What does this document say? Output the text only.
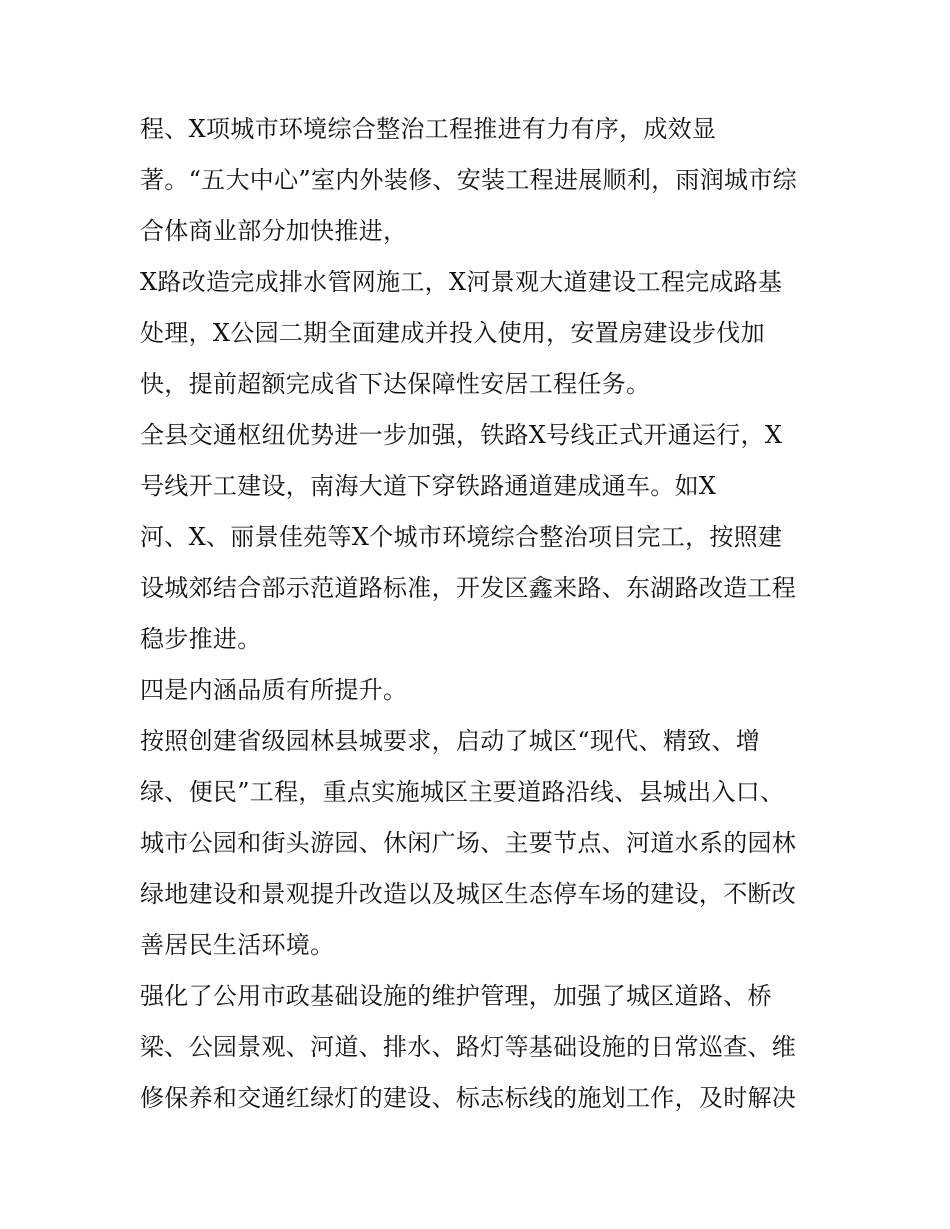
程、X项城市环境综合整治工程推进有力有序，成效显
著。“五大中心”室内外装修、安装工程进展顺利，雨润城市综
合体商业部分加快推进，
X路改造完成排水管网施工，X河景观大道建设工程完成路基
处理，X公园二期全面建成并投入使用，安置房建设步伐加
快，提前超额完成省下达保障性安居工程任务。
全县交通枢纽优势进一步加强，铁路X号线正式开通运行，X
号线开工建设，南海大道下穿铁路通道建成通车。如X
河、X、丽景佳苑等X个城市环境综合整治项目完工，按照建
设城郊结合部示范道路标准，开发区鑫来路、东湖路改造工程
稳步推进。
四是内涵品质有所提升。
按照创建省级园林县城要求，启动了城区“现代、精致、增
绿、便民”工程，重点实施城区主要道路沿线、县城出入口、
城市公园和街头游园、休闲广场、主要节点、河道水系的园林
绿地建设和景观提升改造以及城区生态停车场的建设，不断改
善居民生活环境。
强化了公用市政基础设施的维护管理，加强了城区道路、桥
梁、公园景观、河道、排水、路灯等基础设施的日常巡查、维
修保养和交通红绿灯的建设、标志标线的施划工作，及时解决
